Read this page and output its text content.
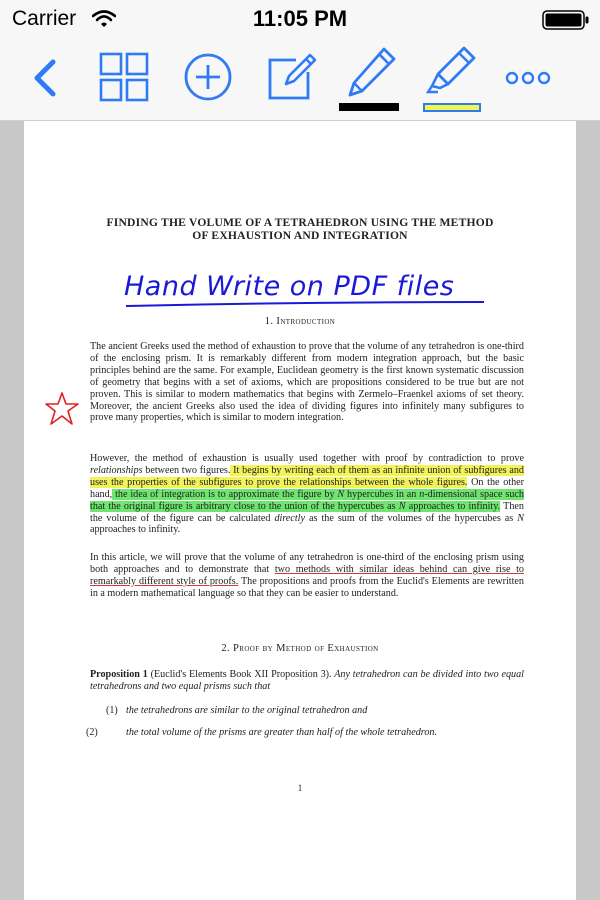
Carrier	11:05 PM
FINDING THE VOLUME OF A TETRAHEDRON USING THE METHOD
OF EXHAUSTION AND INTEGRATION
Hand Write on PDF files
1. Introduction
The ancient Greeks used the method of exhaustion to prove that the volume of any tetrahedron is one-third of the enclosing prism. It is remarkably different from modern integration approach, but the basic principles behind are the same. For example, Euclidean geometry is the first known systematic discussion of geometry that begins with a set of axioms, which are propositions considered to be true but are not proven. This is similar to modern mathematics that begins with Zermelo–Fraenkel axioms of set theory. Moreover, the ancient Greeks also used the idea of dividing figures into infinitely many subfigures to prove many properties, which is similar to modern integration.
However, the method of exhaustion is usually used together with proof by contradiction to prove relationships between two figures. It begins by writing each of them as an infinite union of subfigures and uses the properties of the subfigures to prove the relationships between the whole figures. On the other hand, the idea of integration is to approximate the figure by N hypercubes in an n-dimensional space such that the original figure is arbitrary close to the union of the hypercubes as N approaches to infinity. Then the volume of the figure can be calculated directly as the sum of the volumes of the hypercubes as N approaches to infinity.
In this article, we will prove that the volume of any tetrahedron is one-third of the enclosing prism using both approaches and to demonstrate that two methods with similar ideas behind can give rise to remarkably different style of proofs. The propositions and proofs from the Euclid's Elements are rewritten in a modern mathematical language so that they can be easier to understand.
2. Proof by Method of Exhaustion
Proposition 1 (Euclid's Elements Book XII Proposition 3). Any tetrahedron can be divided into two equal tetrahedrons and two equal prisms such that
(1) the tetrahedrons are similar to the original tetrahedron and
(2)	the total volume of the prisms are greater than half of the whole tetrahedron.
1
